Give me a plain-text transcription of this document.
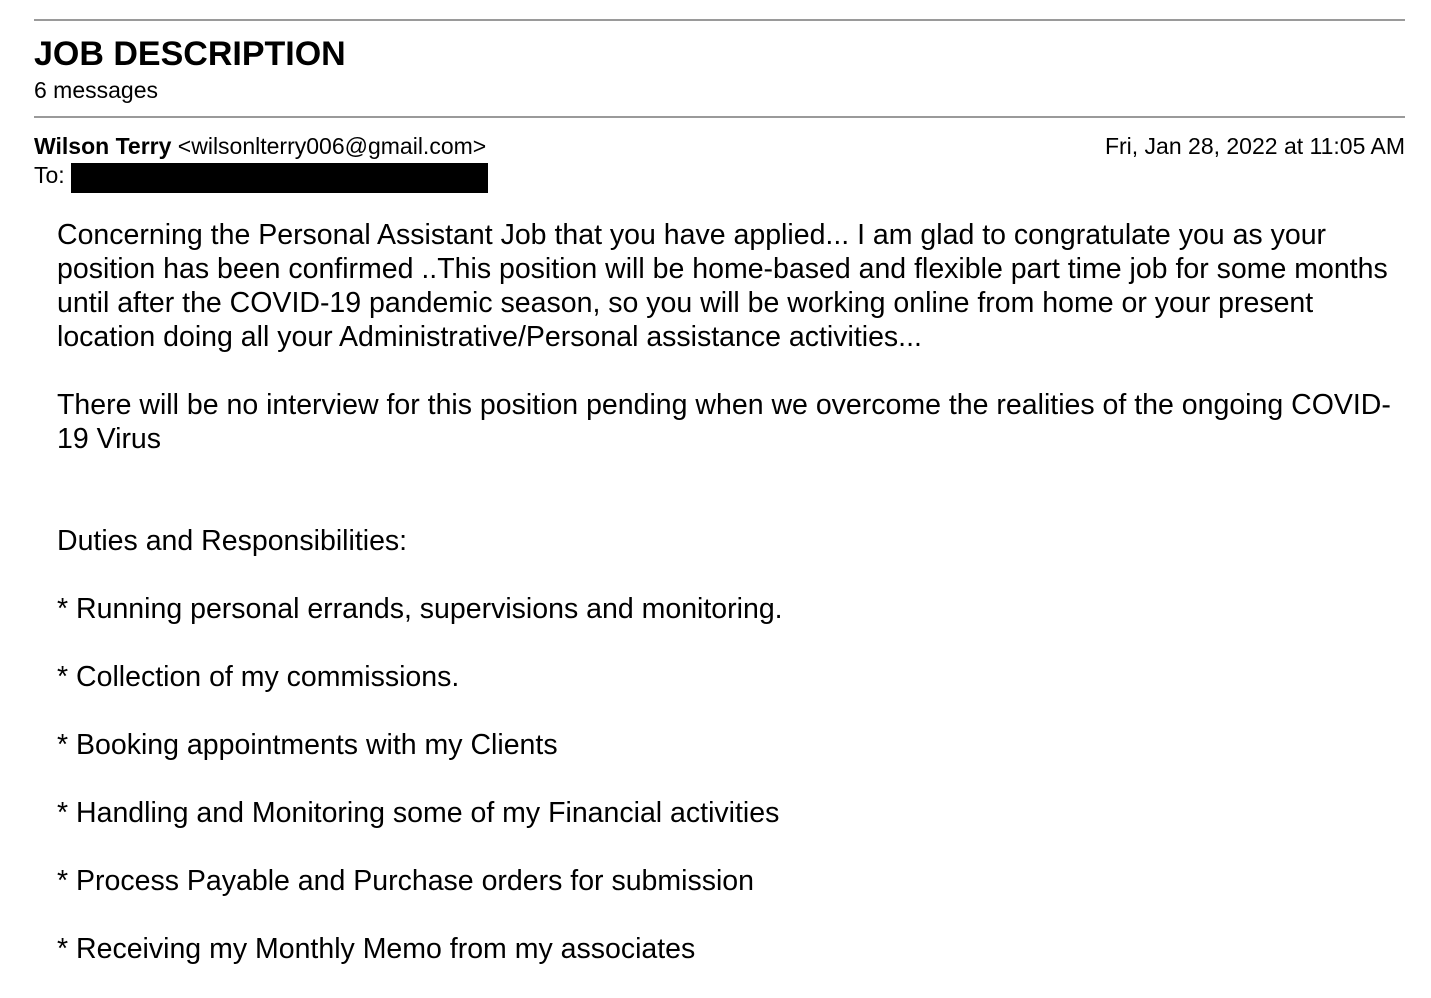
JOB DESCRIPTION
6 messages
Wilson Terry <wilsonlterry006@gmail.com>	Fri, Jan 28, 2022 at 11:05 AM
To:

Concerning the Personal Assistant Job that you have applied... I am glad to congratulate you as your position has been confirmed ..This position will be home-based and flexible part time job for some months until after the COVID-19 pandemic season, so you will be working online from home or your present location doing all your Administrative/Personal assistance activities...

There will be no interview for this position pending when we overcome the realities of the ongoing COVID-19 Virus

Duties and Responsibilities:

* Running personal errands, supervisions and monitoring.

* Collection of my commissions.

* Booking appointments with my Clients

* Handling and Monitoring some of my Financial activities

* Process Payable and Purchase orders for submission

* Receiving my Monthly Memo from my associates
